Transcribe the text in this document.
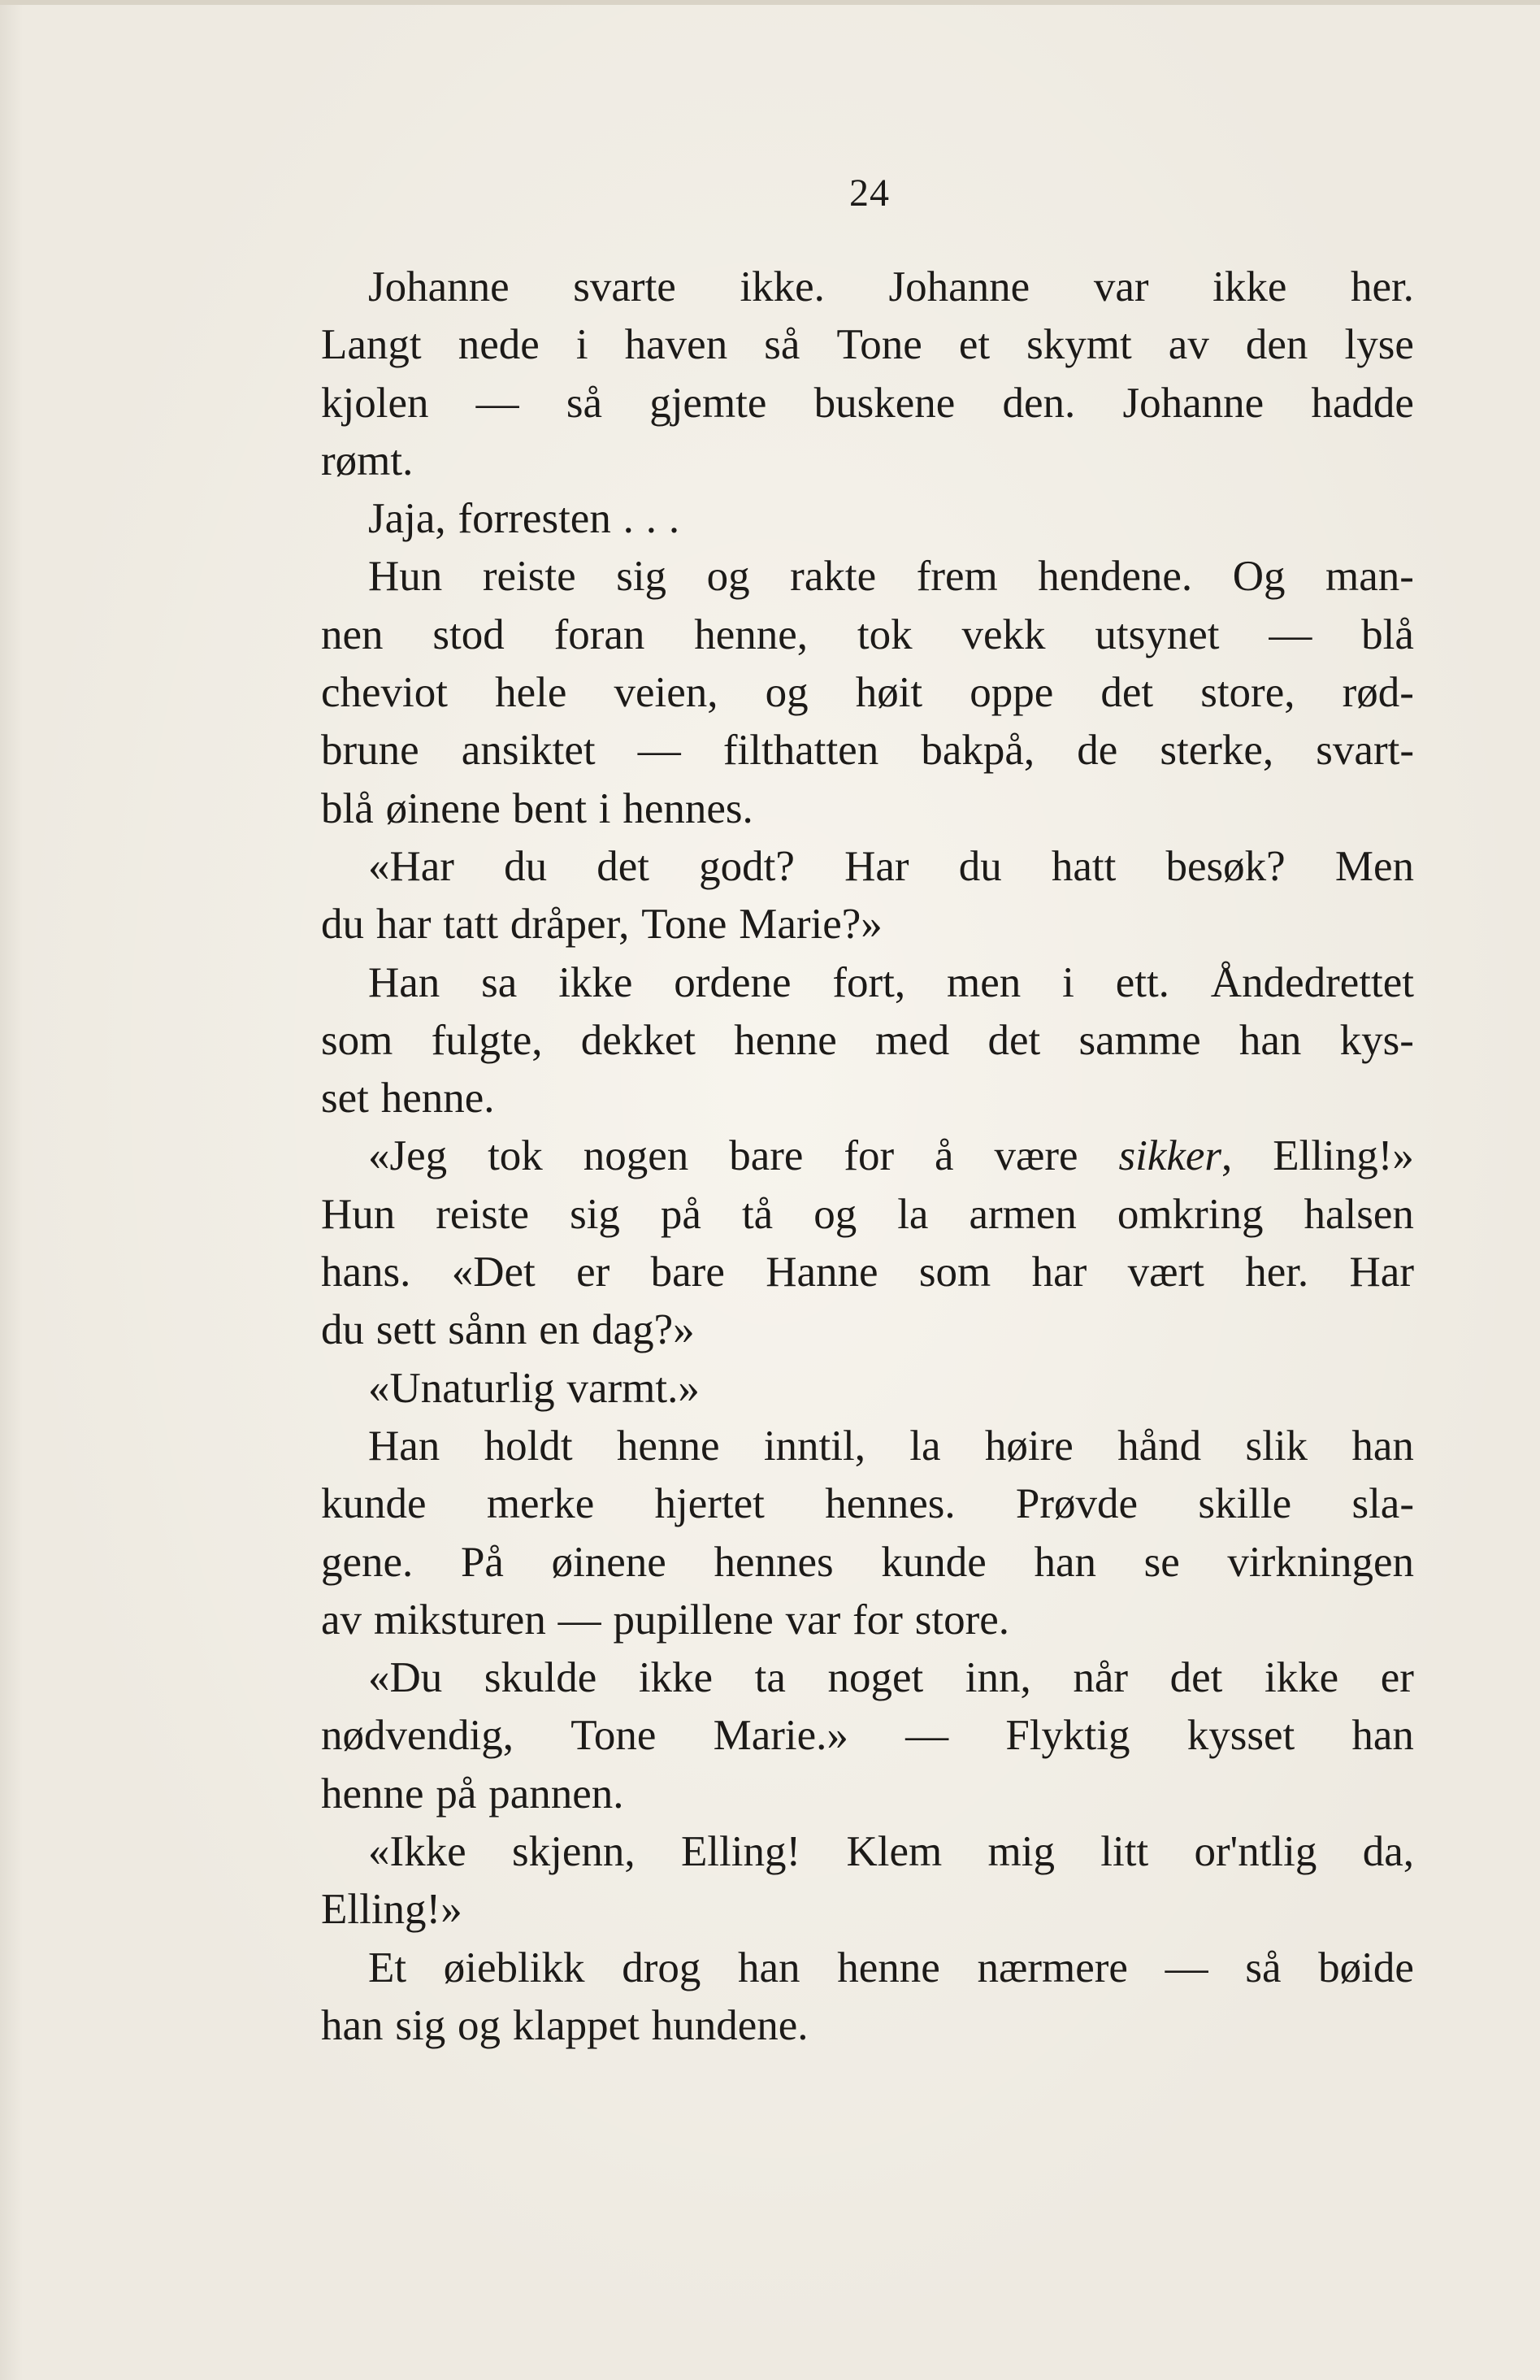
24
Johanne svarte ikke. Johanne var ikke her.
Langt nede i haven så Tone et skymt av den lyse
kjolen — så gjemte buskene den. Johanne hadde
rømt.
Jaja, forresten . . .
Hun reiste sig og rakte frem hendene. Og man-
nen stod foran henne, tok vekk utsynet — blå
cheviot hele veien, og høit oppe det store, rød-
brune ansiktet — filthatten bakpå, de sterke, svart-
blå øinene bent i hennes.
«Har du det godt? Har du hatt besøk? Men
du har tatt dråper, Tone Marie?»
Han sa ikke ordene fort, men i ett. Åndedrettet
som fulgte, dekket henne med det samme han kys-
set henne.
«Jeg tok nogen bare for å være sikker, Elling!»
Hun reiste sig på tå og la armen omkring halsen
hans. «Det er bare Hanne som har vært her. Har
du sett sånn en dag?»
«Unaturlig varmt.»
Han holdt henne inntil, la høire hånd slik han
kunde merke hjertet hennes. Prøvde skille sla-
gene. På øinene hennes kunde han se virkningen
av miksturen — pupillene var for store.
«Du skulde ikke ta noget inn, når det ikke er
nødvendig, Tone Marie.» — Flyktig kysset han
henne på pannen.
«Ikke skjenn, Elling! Klem mig litt or'ntlig da,
Elling!»
Et øieblikk drog han henne nærmere — så bøide
han sig og klappet hundene.
